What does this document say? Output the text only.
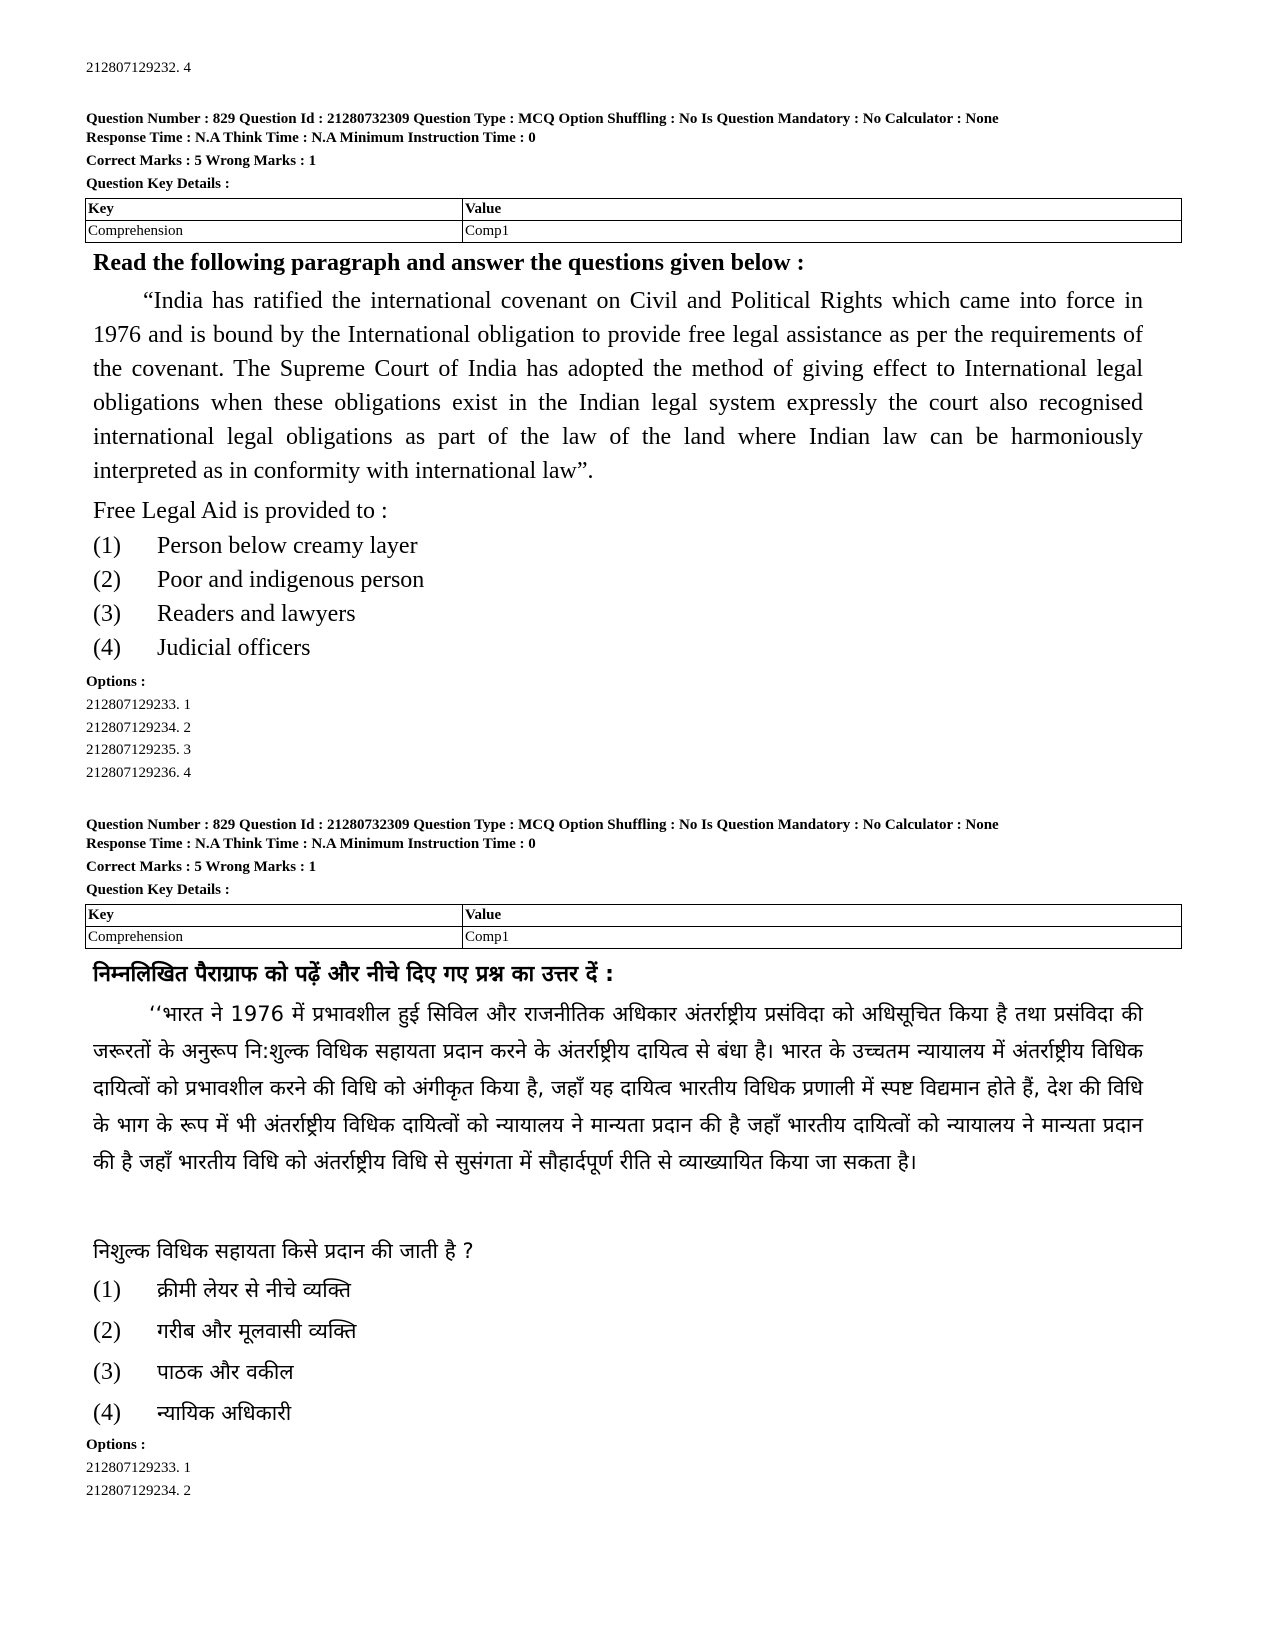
212807129232. 4
Question Number : 829 Question Id : 21280732309 Question Type : MCQ Option Shuffling : No Is Question Mandatory : No Calculator : None
Response Time : N.A Think Time : N.A Minimum Instruction Time : 0
Correct Marks : 5 Wrong Marks : 1
Question Key Details :
Key	Value
Comprehension	Comp1
Read the following paragraph and answer the questions given below :
“India has ratified the international covenant on Civil and Political Rights which came into force in 1976 and is bound by the International obligation to provide free legal assistance as per the requirements of the covenant. The Supreme Court of India has adopted the method of giving effect to International legal obligations when these obligations exist in the Indian legal system expressly the court also recognised international legal obligations as part of the law of the land where Indian law can be harmoniously interpreted as in conformity with international law”.
Free Legal Aid is provided to :
(1) Person below creamy layer
(2) Poor and indigenous person
(3) Readers and lawyers
(4) Judicial officers
Options :
212807129233. 1
212807129234. 2
212807129235. 3
212807129236. 4
Question Number : 829 Question Id : 21280732309 Question Type : MCQ Option Shuffling : No Is Question Mandatory : No Calculator : None
Response Time : N.A Think Time : N.A Minimum Instruction Time : 0
Correct Marks : 5 Wrong Marks : 1
Question Key Details :
Key	Value
Comprehension	Comp1
निम्नलिखित पैराग्राफ को पढ़ें और नीचे दिए गए प्रश्न का उत्तर दें :
‘‘भारत ने 1976 में प्रभावशील हुई सिविल और राजनीतिक अधिकार अंतर्राष्ट्रीय प्रसंविदा को अधिसूचित किया है तथा प्रसंविदा की जरूरतों के अनुरूप नि:शुल्क विधिक सहायता प्रदान करने के अंतर्राष्ट्रीय दायित्व से बंधा है। भारत के उच्चतम न्यायालय में अंतर्राष्ट्रीय विधिक दायित्वों को प्रभावशील करने की विधि को अंगीकृत किया है, जहाँ यह दायित्व भारतीय विधिक प्रणाली में स्पष्ट विद्यमान होते हैं, देश की विधि के भाग के रूप में भी अंतर्राष्ट्रीय विधिक दायित्वों को न्यायालय ने मान्यता प्रदान की है जहाँ भारतीय दायित्वों को न्यायालय ने मान्यता प्रदान की है जहाँ भारतीय विधि को अंतर्राष्ट्रीय विधि से सुसंगता में सौहार्दपूर्ण रीति से व्याख्यायित किया जा सकता है।
निशुल्क विधिक सहायता किसे प्रदान की जाती है ?
(1) क्रीमी लेयर से नीचे व्यक्ति
(2) गरीब और मूलवासी व्यक्ति
(3) पाठक और वकील
(4) न्यायिक अधिकारी
Options :
212807129233. 1
212807129234. 2
